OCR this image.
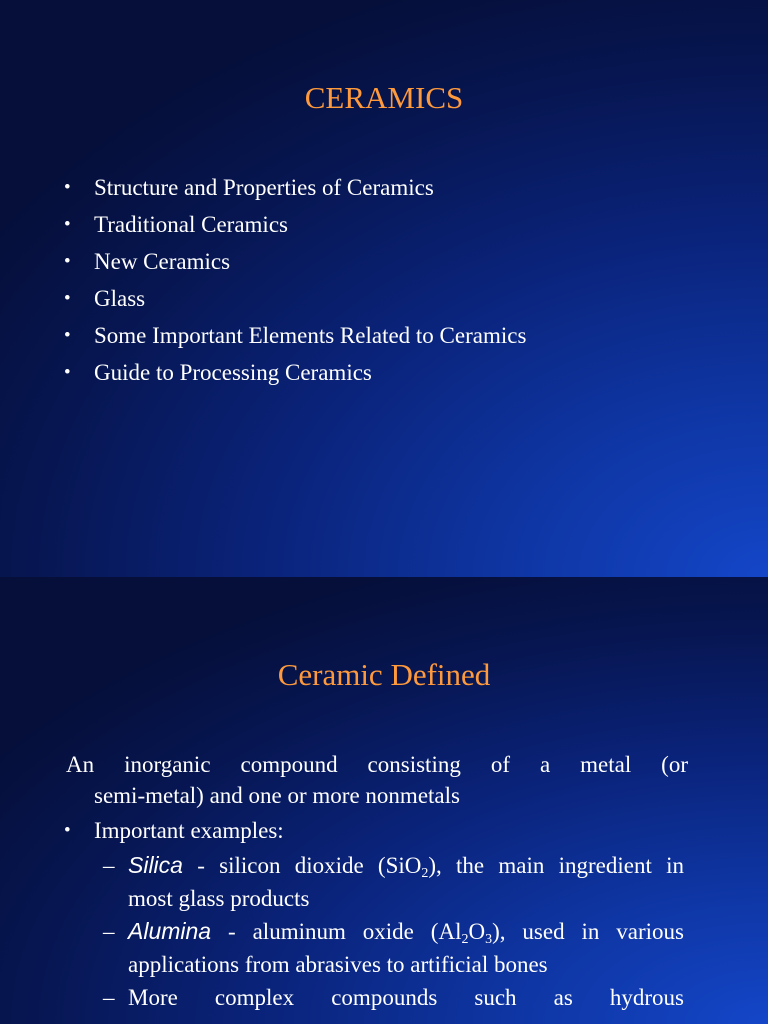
CERAMICS
• Structure and Properties of Ceramics
• Traditional Ceramics
• New Ceramics
• Glass
• Some Important Elements Related to Ceramics
• Guide to Processing Ceramics
Ceramic Defined

An inorganic compound consisting of a metal (or
semi-metal) and one or more nonmetals

• Important examples:
– Silica - silicon dioxide (SiO$_2$), the main ingredient in
most glass products
– Alumina - aluminum oxide $(Al_2O_3)$, used in various
applications from abrasives to artificial bones
– More complex compounds such as hydrous
